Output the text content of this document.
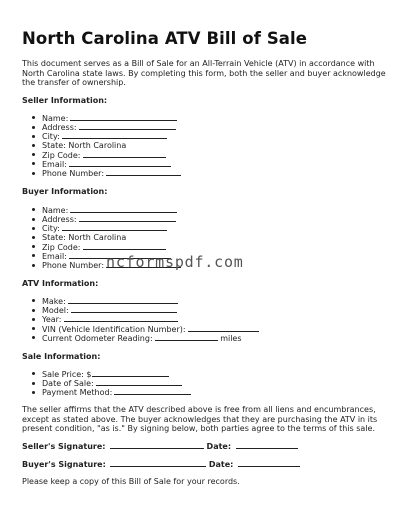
North Carolina ATV Bill of Sale
This document serves as a Bill of Sale for an All-Terrain Vehicle (ATV) in accordance with North Carolina state laws. By completing this form, both the seller and buyer acknowledge the transfer of ownership.
Seller Information:
Name:
Address:
City:
State: North Carolina
Zip Code:
Email:
Phone Number:
Buyer Information:
Name:
Address:
City:
State: North Carolina
Zip Code:
Email:
Phone Number:
ATV Information:
Make:
Model:
Year:
VIN (Vehicle Identification Number):
Current Odometer Reading:	miles
Sale Information:
Sale Price: $
Date of Sale:
Payment Method:
The seller affirms that the ATV described above is free from all liens and encumbrances, except as stated above. The buyer acknowledges that they are purchasing the ATV in its present condition, "as is." By signing below, both parties agree to the terms of this sale.
Seller's Signature:	Date:
Buyer's Signature:	Date:
Please keep a copy of this Bill of Sale for your records.
ncformspdf.com
